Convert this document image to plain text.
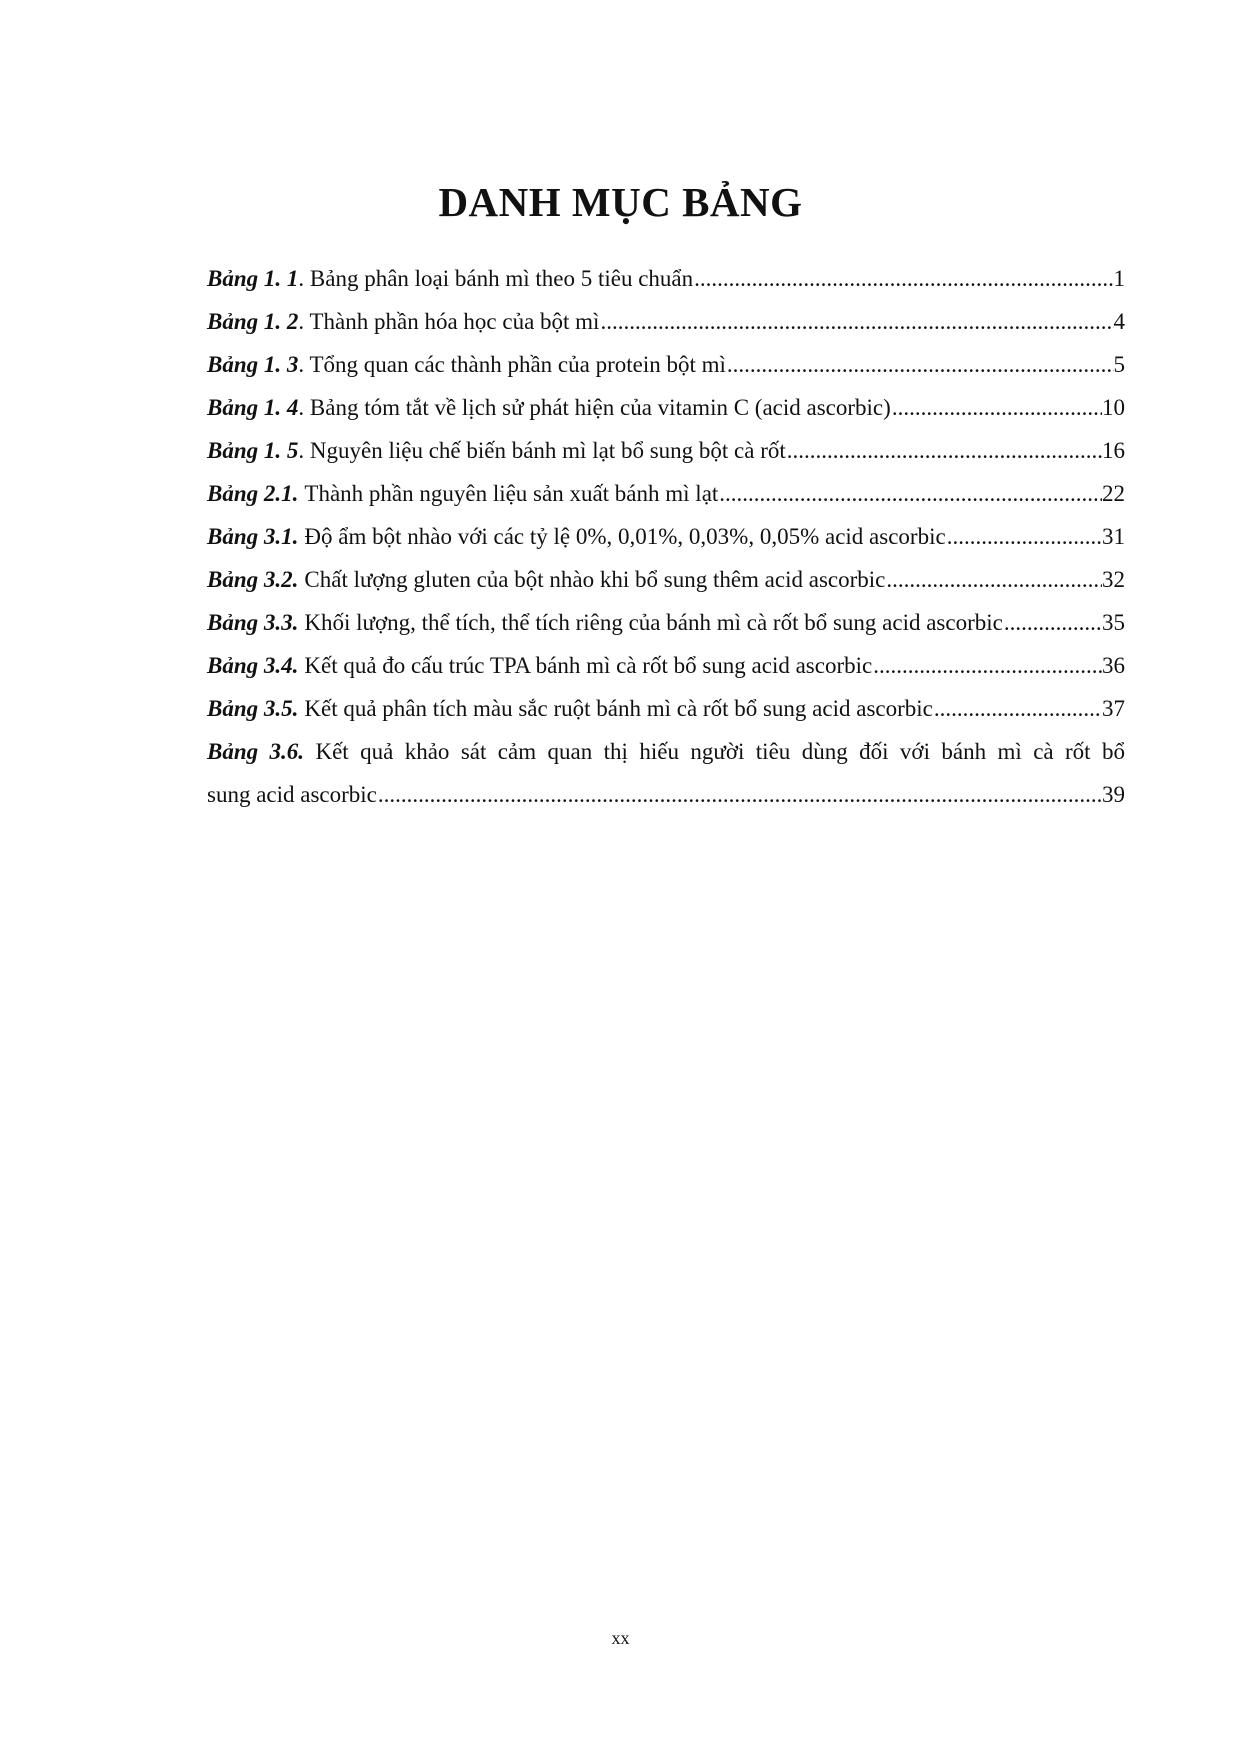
DANH MỤC BẢNG
Bảng 1. 1 . Bảng phân loại bánh mì theo 5 tiêu chuẩn .....	1
Bảng 1. 2 . Thành phần hóa học của bột mì .....	4
Bảng 1. 3 . Tổng quan các thành phần của protein bột mì .....	5
Bảng 1. 4 . Bảng tóm tắt về lịch sử phát hiện của vitamin C (acid ascorbic) .....	10
Bảng 1. 5 . Nguyên liệu chế biến bánh mì lạt bổ sung bột cà rốt .....	16
Bảng 2.1. Thành phần nguyên liệu sản xuất bánh mì lạt .....	22
Bảng 3.1. Độ ẩm bột nhào với các tỷ lệ 0%, 0,01%, 0,03%, 0,05% acid ascorbic .....	31
Bảng 3.2. Chất lượng gluten của bột nhào khi bổ sung thêm acid ascorbic .....	32
Bảng 3.3. Khối lượng, thể tích, thể tích riêng của bánh mì cà rốt bổ sung acid ascorbic .....	35
Bảng 3.4. Kết quả đo cấu trúc TPA bánh mì cà rốt bổ sung acid ascorbic .....	36
Bảng 3.5. Kết quả phân tích màu sắc ruột bánh mì cà rốt bổ sung acid ascorbic .....	37
Bảng 3.6. Kết quả khảo sát cảm quan thị hiếu người tiêu dùng đối với bánh mì cà rốt bổ
sung acid ascorbic .....	39
xx
